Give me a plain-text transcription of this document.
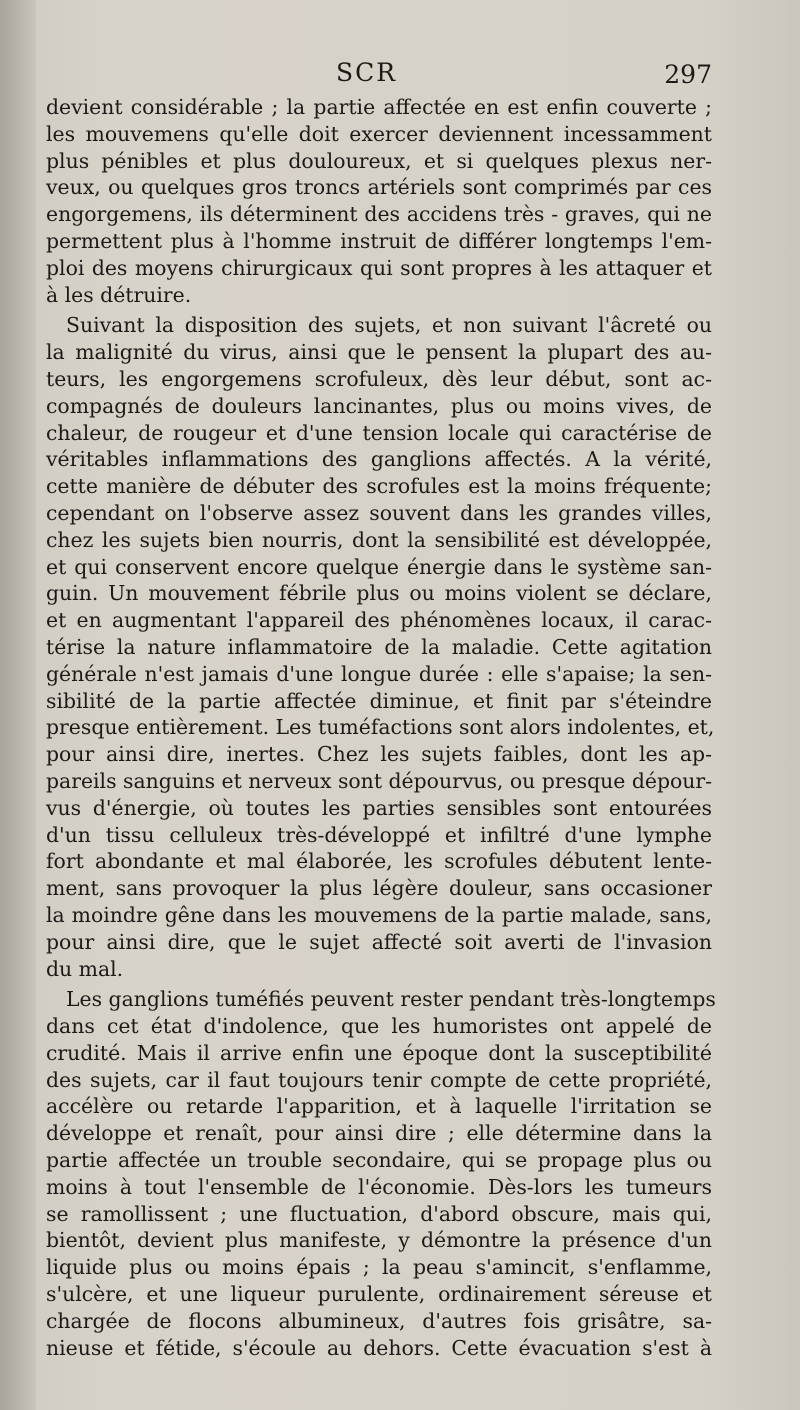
SCR	297
devient considérable ; la partie affectée en est enfin couverte ;
les mouvemens qu'elle doit exercer deviennent incessamment
plus pénibles et plus douloureux, et si quelques plexus ner-
veux, ou quelques gros troncs artériels sont comprimés par ces
engorgemens, ils déterminent des accidens très - graves, qui ne
permettent plus à l'homme instruit de différer longtemps l'em-
ploi des moyens chirurgicaux qui sont propres à les attaquer et
à les détruire.
Suivant la disposition des sujets, et non suivant l'âcreté ou
la malignité du virus, ainsi que le pensent la plupart des au-
teurs, les engorgemens scrofuleux, dès leur début, sont ac-
compagnés de douleurs lancinantes, plus ou moins vives, de
chaleur, de rougeur et d'une tension locale qui caractérise de
véritables inflammations des ganglions affectés. A la vérité,
cette manière de débuter des scrofules est la moins fréquente;
cependant on l'observe assez souvent dans les grandes villes,
chez les sujets bien nourris, dont la sensibilité est développée,
et qui conservent encore quelque énergie dans le système san-
guin. Un mouvement fébrile plus ou moins violent se déclare,
et en augmentant l'appareil des phénomènes locaux, il carac-
térise la nature inflammatoire de la maladie. Cette agitation
générale n'est jamais d'une longue durée : elle s'apaise; la sen-
sibilité de la partie affectée diminue, et finit par s'éteindre
presque entièrement. Les tuméfactions sont alors indolentes, et,
pour ainsi dire, inertes. Chez les sujets faibles, dont les ap-
pareils sanguins et nerveux sont dépourvus, ou presque dépour-
vus d'énergie, où toutes les parties sensibles sont entourées
d'un tissu celluleux très-développé et infiltré d'une lymphe
fort abondante et mal élaborée, les scrofules débutent lente-
ment, sans provoquer la plus légère douleur, sans occasioner
la moindre gêne dans les mouvemens de la partie malade, sans,
pour ainsi dire, que le sujet affecté soit averti de l'invasion
du mal.
Les ganglions tuméfiés peuvent rester pendant très-longtemps
dans cet état d'indolence, que les humoristes ont appelé de
crudité. Mais il arrive enfin une époque dont la susceptibilité
des sujets, car il faut toujours tenir compte de cette propriété,
accélère ou retarde l'apparition, et à laquelle l'irritation se
développe et renaît, pour ainsi dire ; elle détermine dans la
partie affectée un trouble secondaire, qui se propage plus ou
moins à tout l'ensemble de l'économie. Dès-lors les tumeurs
se ramollissent ; une fluctuation, d'abord obscure, mais qui,
bientôt, devient plus manifeste, y démontre la présence d'un
liquide plus ou moins épais ; la peau s'amincit, s'enflamme,
s'ulcère, et une liqueur purulente, ordinairement séreuse et
chargée de flocons albumineux, d'autres fois grisâtre, sa-
nieuse et fétide, s'écoule au dehors. Cette évacuation s'est à
